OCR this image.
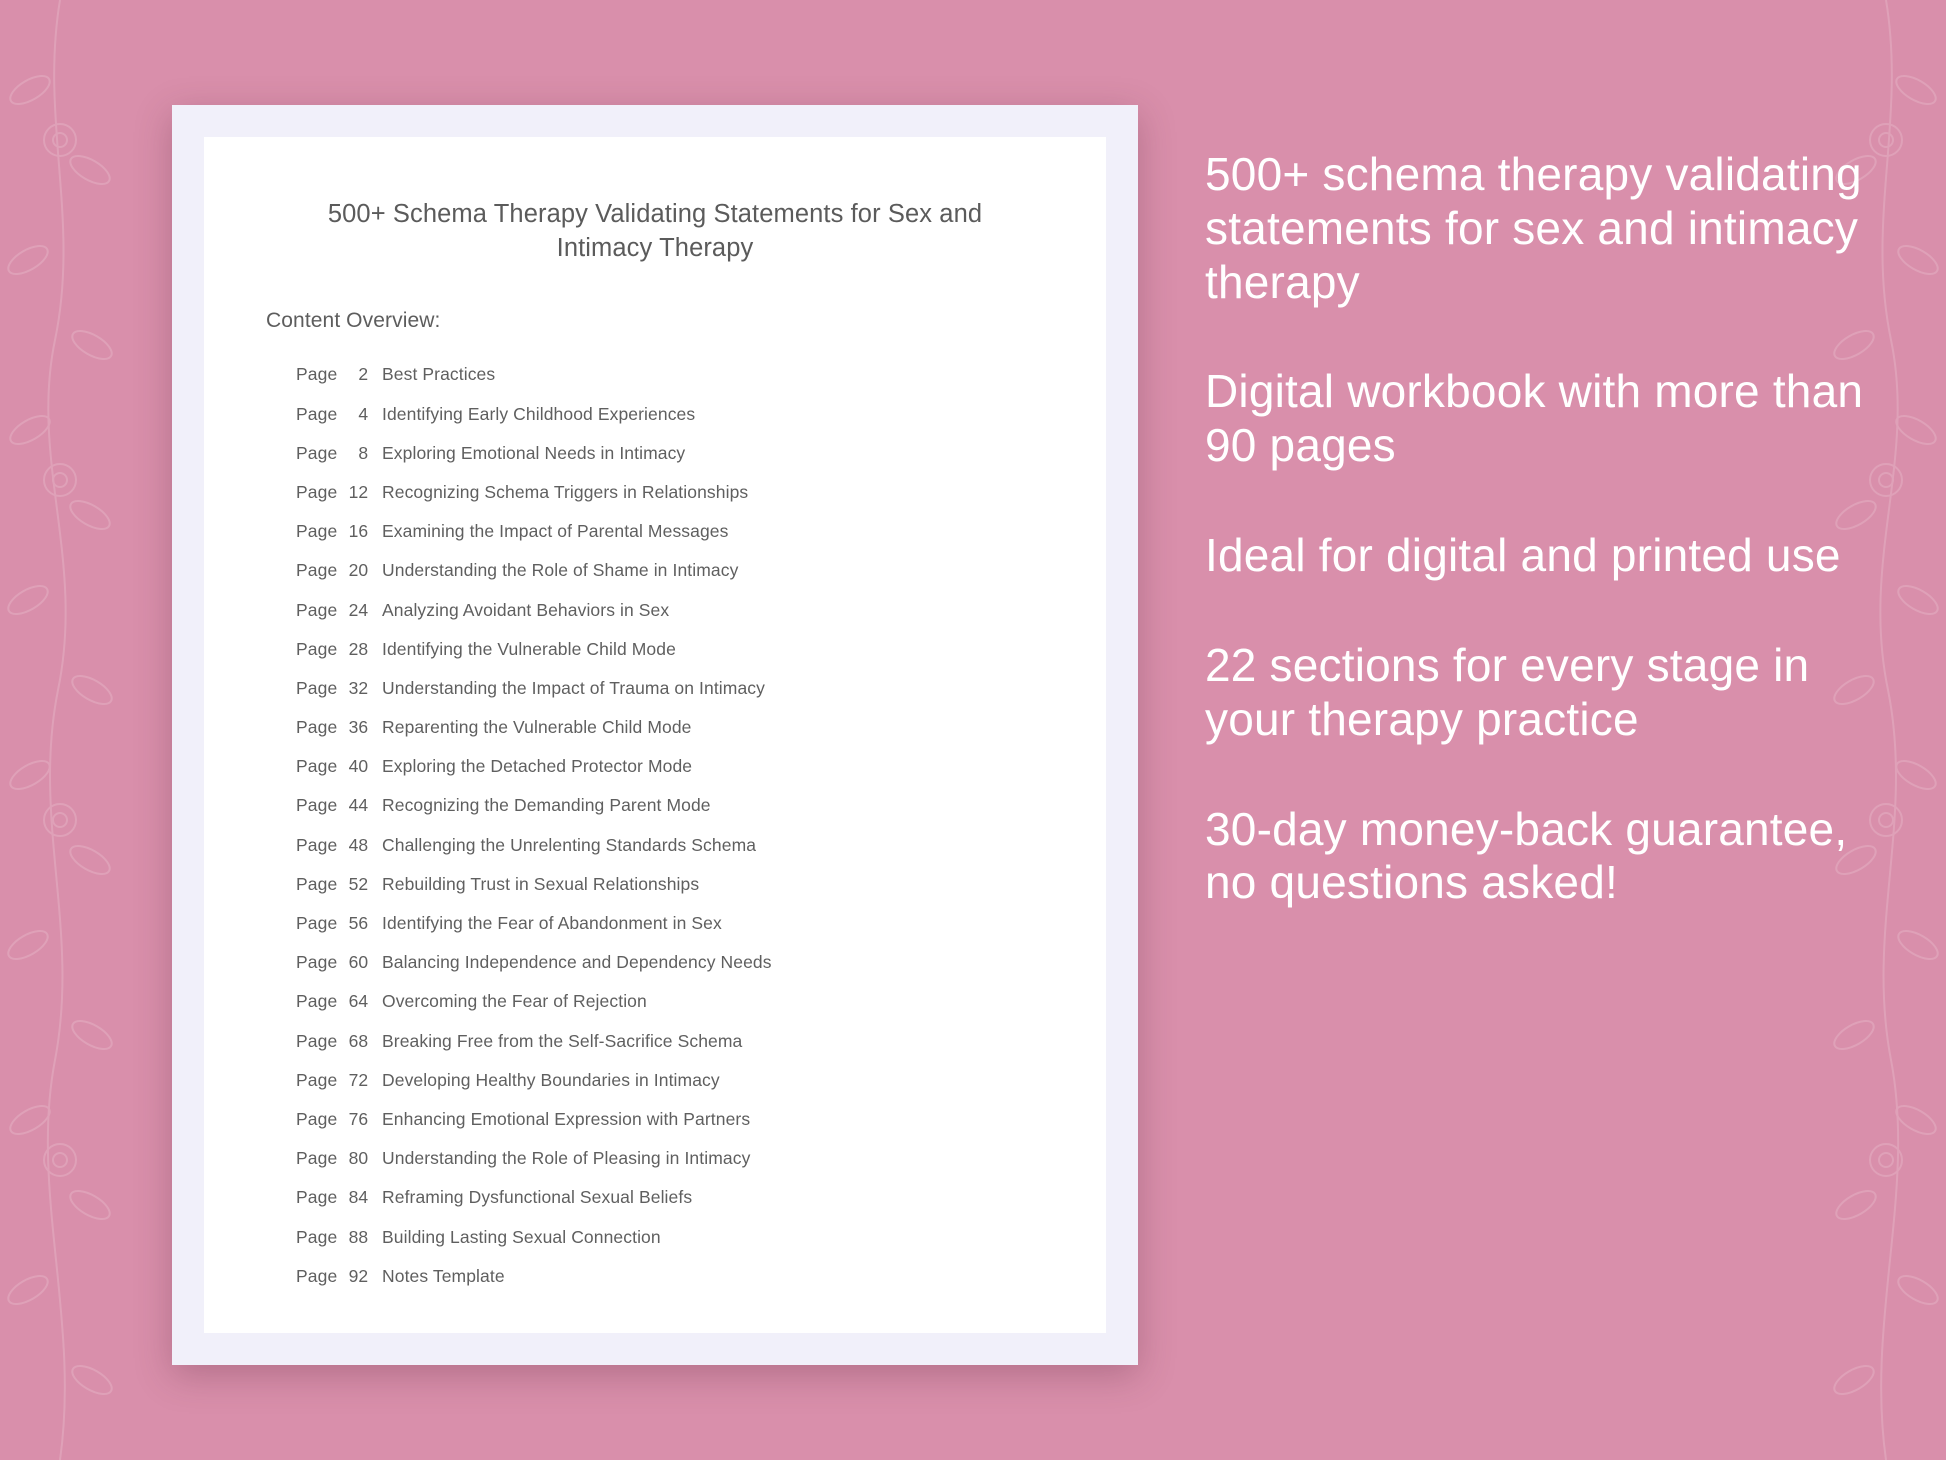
500+ Schema Therapy Validating Statements for Sex and Intimacy Therapy
Content Overview:
Page 2 Best Practices
Page 4 Identifying Early Childhood Experiences
Page 8 Exploring Emotional Needs in Intimacy
Page 12 Recognizing Schema Triggers in Relationships
Page 16 Examining the Impact of Parental Messages
Page 20 Understanding the Role of Shame in Intimacy
Page 24 Analyzing Avoidant Behaviors in Sex
Page 28 Identifying the Vulnerable Child Mode
Page 32 Understanding the Impact of Trauma on Intimacy
Page 36 Reparenting the Vulnerable Child Mode
Page 40 Exploring the Detached Protector Mode
Page 44 Recognizing the Demanding Parent Mode
Page 48 Challenging the Unrelenting Standards Schema
Page 52 Rebuilding Trust in Sexual Relationships
Page 56 Identifying the Fear of Abandonment in Sex
Page 60 Balancing Independence and Dependency Needs
Page 64 Overcoming the Fear of Rejection
Page 68 Breaking Free from the Self-Sacrifice Schema
Page 72 Developing Healthy Boundaries in Intimacy
Page 76 Enhancing Emotional Expression with Partners
Page 80 Understanding the Role of Pleasing in Intimacy
Page 84 Reframing Dysfunctional Sexual Beliefs
Page 88 Building Lasting Sexual Connection
Page 92 Notes Template

500+ schema therapy validating statements for sex and intimacy therapy

Digital workbook with more than 90 pages

Ideal for digital and printed use

22 sections for every stage in your therapy practice

30-day money-back guarantee, no questions asked!
